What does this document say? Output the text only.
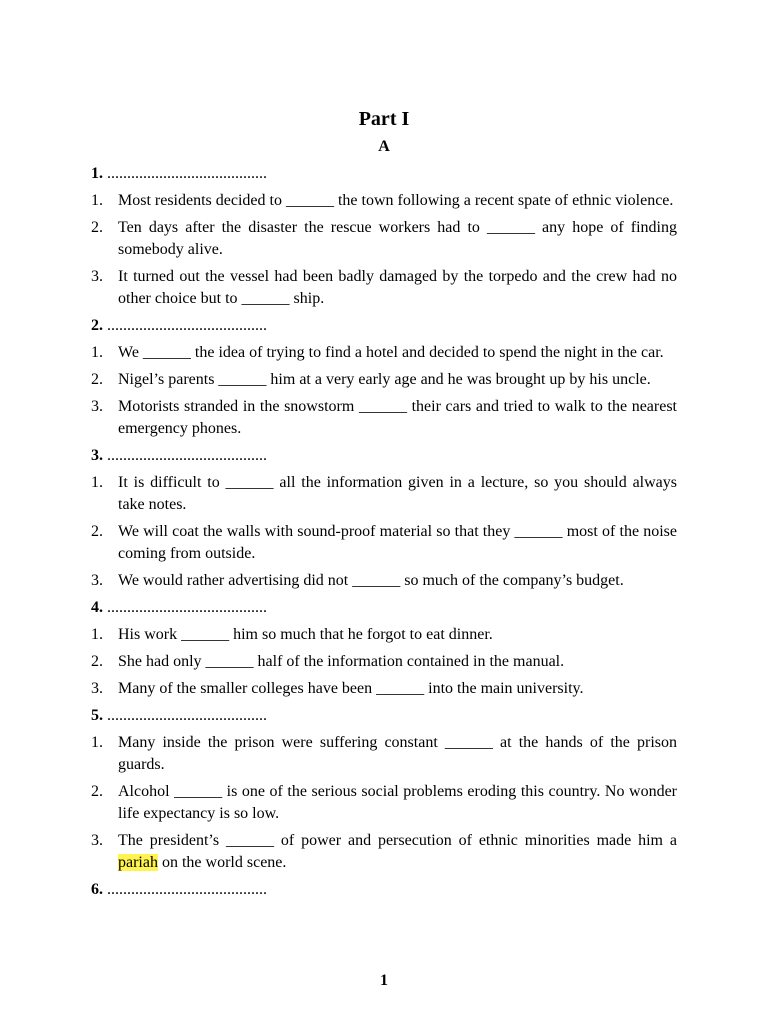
Part I
A
1. ........................................
1. Most residents decided to ______ the town following a recent spate of ethnic violence.
2. Ten days after the disaster the rescue workers had to ______ any hope of finding somebody alive.
3. It turned out the vessel had been badly damaged by the torpedo and the crew had no other choice but to ______ ship.
2. ........................................
1. We ______ the idea of trying to find a hotel and decided to spend the night in the car.
2. Nigel’s parents ______ him at a very early age and he was brought up by his uncle.
3. Motorists stranded in the snowstorm ______ their cars and tried to walk to the nearest emergency phones.
3. ........................................
1. It is difficult to ______ all the information given in a lecture, so you should always take notes.
2. We will coat the walls with sound-proof material so that they ______ most of the noise coming from outside.
3. We would rather advertising did not ______ so much of the company’s budget.
4. ........................................
1. His work ______ him so much that he forgot to eat dinner.
2. She had only ______ half of the information contained in the manual.
3. Many of the smaller colleges have been ______ into the main university.
5. ........................................
1. Many inside the prison were suffering constant ______ at the hands of the prison guards.
2. Alcohol ______ is one of the serious social problems eroding this country. No wonder life expectancy is so low.
3. The president’s ______ of power and persecution of ethnic minorities made him a pariah on the world scene.
6. ........................................
1
